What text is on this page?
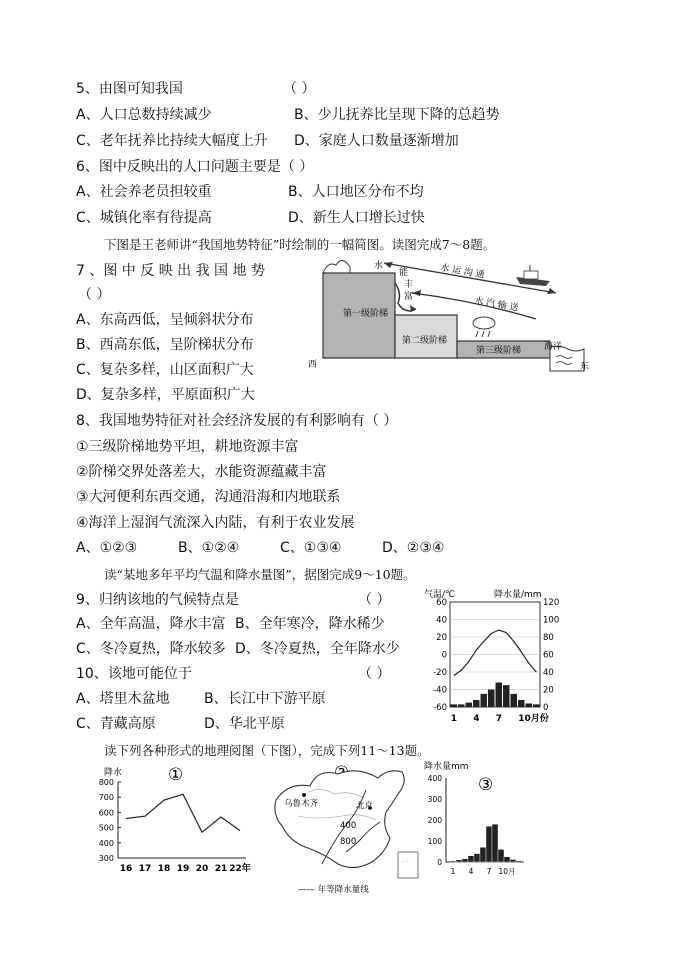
5、由图可知我国	（ ）
A、人口总数持续减少	B、少儿抚养比呈现下降的总趋势
C、老年抚养比持续大幅度上升 D、家庭人口数量逐渐增加
6、图中反映出的人口问题主要是（ ）
A、社会养老员担较重	B、人口地区分布不均
C、城镇化率有待提高	D、新生人口增长过快
下图是王老师讲“我国地势特征”时绘制的一幅简图。读图完成7～8题。
7 、图 中 反 映 出 我 国 地 势
（ ）
A、东高西低，呈倾斜状分布
B、西高东低，呈阶梯状分布
C、复杂多样，山区面积广大
D、复杂多样，平原面积广大
第一级阶梯
第二级阶梯
第三级阶梯
水
能
丰
富
水 运 沟 通
水 汽 输 送
海洋
西	东
8、我国地势特征对社会经济发展的有利影响有（ ）
①三级阶梯地势平坦，耕地资源丰富
②阶梯交界处落差大，水能资源蕴藏丰富
③大河便利东西交通，沟通沿海和内地联系
④海洋上湿润气流深入内陆，有利于农业发展
A、①②③	B、①②④	C、①③④	D、②③④
读“某地多年平均气温和降水量图”，据图完成9～10题。
9、归纳该地的气候特点是	（ ）
A、全年高温，降水丰富 B、全年寒冷，降水稀少
C、冬冷夏热，降水较多 D、冬冷夏热，全年降水少
10、该地可能位于	（ ）
A、塔里木盆地 B、长江中下游平原
C、青藏高原	D、华北平原
气温/℃	降水量/mm
60
40
20
0
-20
-40
-60
120
100
80
60
40
20
0
1 4 7 10月份
读下列各种形式的地理阅图（下图），完成下列11～13题。
降水	①
800
700
600
500
400
300
16 17 18 19 20 21 22年
乌鲁木齐	北京
400
800
. : .
—— 年等降水量线
降水量mm
③
400
300
200
100
0
1 4 7 10月
